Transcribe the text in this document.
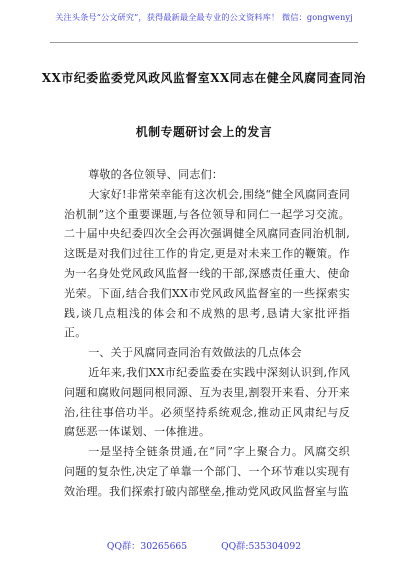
关注头条号“公文研究”，获得最新最全最专业的公文资料库！ 微信：gongwenyj
XX市纪委监委党风政风监督室XX同志在健全风腐同查同治
机制专题研讨会上的发言

尊敬的各位领导、同志们：

大家好!非常荣幸能有这次机会,围绕“健全风腐同查同治机制”这个重要课题,与各位领导和同仁一起学习交流。二十届中央纪委四次全会再次强调健全风腐同查同治机制,这既是对我们过往工作的肯定,更是对未来工作的鞭策。作为一名身处党风政风监督一线的干部,深感责任重大、使命光荣。下面,结合我们XX市党风政风监督室的一些探索实践,谈几点粗浅的体会和不成熟的思考,恳请大家批评指正。

一、关于风腐同查同治有效做法的几点体会

近年来,我们XX市纪委监委在实践中深刻认识到,作风问题和腐败问题同根同源、互为表里,割裂开来看、分开来治,往往事倍功半。必须坚持系统观念,推动正风肃纪与反腐惩恶一体谋划、一体推进。

一是坚持全链条贯通,在“同”字上聚合力。风腐交织问题的复杂性,决定了单靠一个部门、一个环节难以实现有效治理。我们探索打破内部壁垒,推动党风政风监督室与监

QQ群：30265665	QQ群:535304092
